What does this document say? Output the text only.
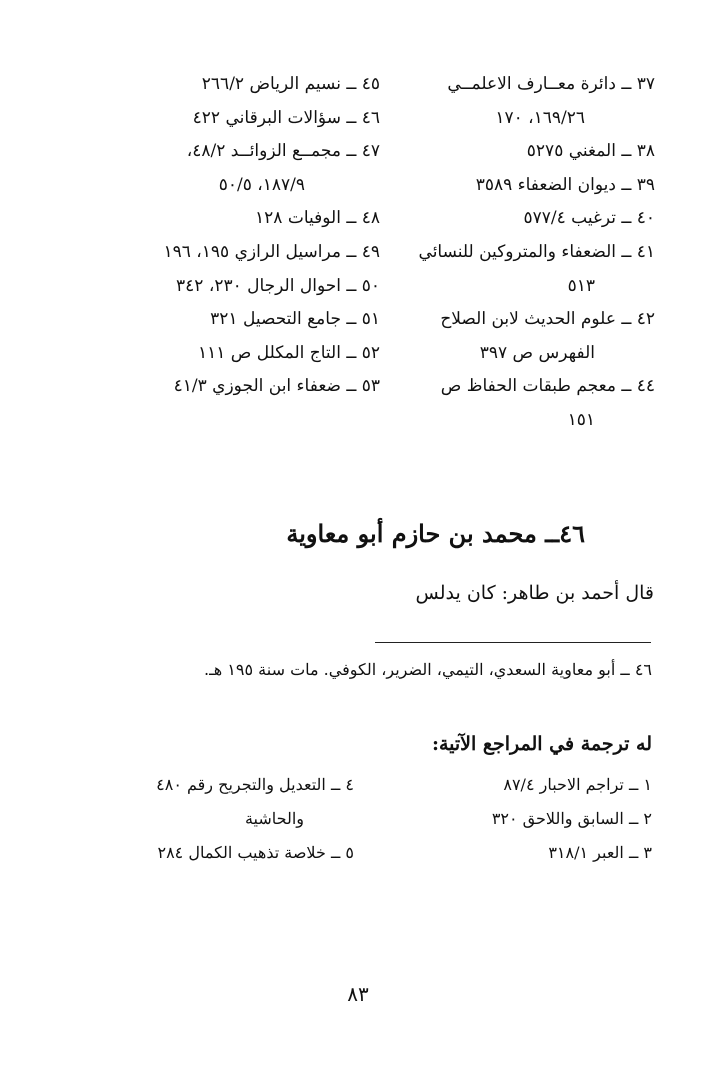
٣٧ ــ دائرة معــارف الاعلمــي
١٦٩/٢٦، ١٧٠
٣٨ ــ المغني ٥٢٧٥
٣٩ ــ ديوان الضعفاء ٣٥٨٩
٤٠ ــ ترغيب ٥٧٧/٤
٤١ ــ الضعفاء والمتروكين للنسائي
٥١٣
٤٢ ــ علوم الحديث لابن الصلاح
الفهرس ص ٣٩٧
٤٤ ــ معجم طبقات الحفاظ ص
١٥١
٤٥ ــ نسيم الرياض ٢٦٦/٢
٤٦ ــ سؤالات البرقاني ٤٢٢
٤٧ ــ مجمــع الزوائــد ٤٨/٢،
١٨٧/٩، ٥٠/٥
٤٨ ــ الوفيات ١٢٨
٤٩ ــ مراسيل الرازي ١٩٥، ١٩٦
٥٠ ــ احوال الرجال ٢٣٠، ٣٤٢
٥١ ــ جامع التحصيل ٣٢١
٥٢ ــ التاج المكلل ص ١١١
٥٣ ــ ضعفاء ابن الجوزي ٤١/٣
٤٦ــ محمد بن حازم أبو معاوية
قال أحمد بن طاهر: كان يدلس
٤٦ ــ أبو معاوية السعدي، التيمي، الضرير، الكوفي. مات سنة ١٩٥ هـ.
له ترجمة في المراجع الآتية:
١ ــ تراجم الاحبار ٨٧/٤
٢ ــ السابق واللاحق ٣٢٠
٣ ــ العبر ٣١٨/١
٤ ــ التعديل والتجريح رقم ٤٨٠
والحاشية
٥ ــ خلاصة تذهيب الكمال ٢٨٤
٨٣
